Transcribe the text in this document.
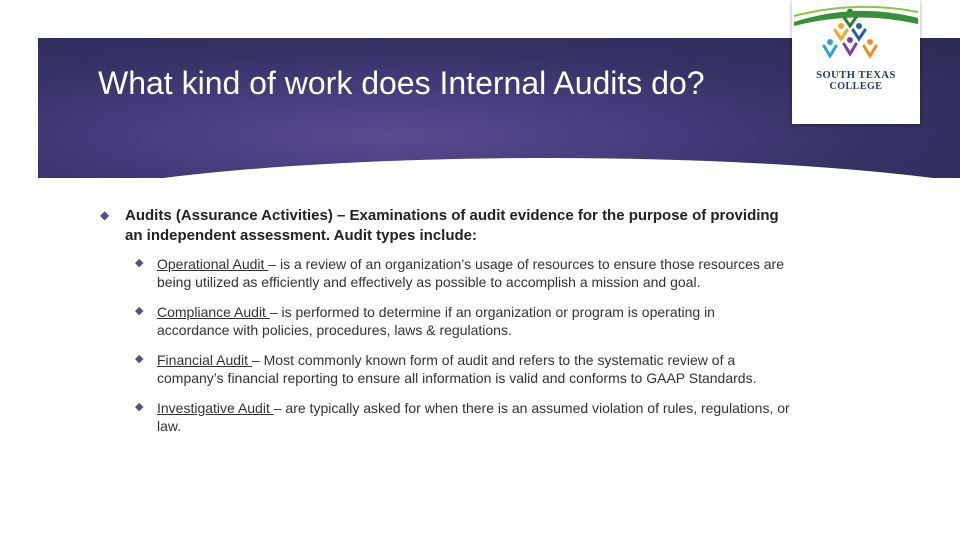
What kind of work does Internal Audits do?	SOUTH TEXAS
COLLEGE
◆ Audits (Assurance Activities) – Examinations of audit evidence for the purpose of providing an independent assessment. Audit types include:
◆ Operational Audit – is a review of an organization’s usage of resources to ensure those resources are being utilized as efficiently and effectively as possible to accomplish a mission and goal.
◆ Compliance Audit – is performed to determine if an organization or program is operating in accordance with policies, procedures, laws & regulations.
◆ Financial Audit – Most commonly known form of audit and refers to the systematic review of a company’s financial reporting to ensure all information is valid and conforms to GAAP Standards.
◆ Investigative Audit – are typically asked for when there is an assumed violation of rules, regulations, or law.
